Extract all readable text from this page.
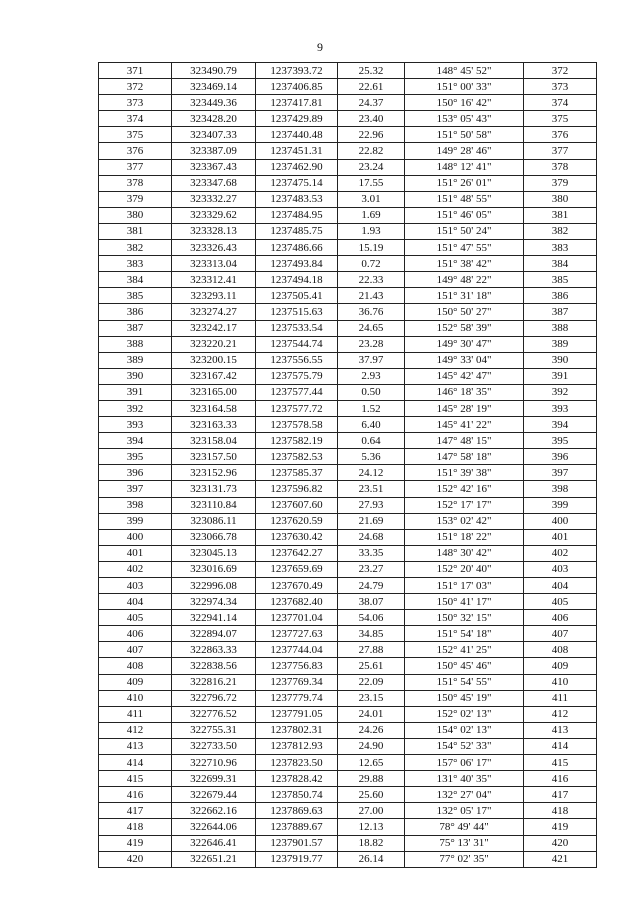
9
371	323490.79	1237393.72	25.32	148° 45' 52"	372
372	323469.14	1237406.85	22.61	151° 00' 33"	373
373	323449.36	1237417.81	24.37	150° 16' 42"	374
374	323428.20	1237429.89	23.40	153° 05' 43"	375
375	323407.33	1237440.48	22.96	151° 50' 58"	376
376	323387.09	1237451.31	22.82	149° 28' 46"	377
377	323367.43	1237462.90	23.24	148° 12' 41"	378
378	323347.68	1237475.14	17.55	151° 26' 01"	379
379	323332.27	1237483.53	3.01	151° 48' 55"	380
380	323329.62	1237484.95	1.69	151° 46' 05"	381
381	323328.13	1237485.75	1.93	151° 50' 24"	382
382	323326.43	1237486.66	15.19	151° 47' 55"	383
383	323313.04	1237493.84	0.72	151° 38' 42"	384
384	323312.41	1237494.18	22.33	149° 48' 22"	385
385	323293.11	1237505.41	21.43	151° 31' 18"	386
386	323274.27	1237515.63	36.76	150° 50' 27"	387
387	323242.17	1237533.54	24.65	152° 58' 39"	388
388	323220.21	1237544.74	23.28	149° 30' 47"	389
389	323200.15	1237556.55	37.97	149° 33' 04"	390
390	323167.42	1237575.79	2.93	145° 42' 47"	391
391	323165.00	1237577.44	0.50	146° 18' 35"	392
392	323164.58	1237577.72	1.52	145° 28' 19"	393
393	323163.33	1237578.58	6.40	145° 41' 22"	394
394	323158.04	1237582.19	0.64	147° 48' 15"	395
395	323157.50	1237582.53	5.36	147° 58' 18"	396
396	323152.96	1237585.37	24.12	151° 39' 38"	397
397	323131.73	1237596.82	23.51	152° 42' 16"	398
398	323110.84	1237607.60	27.93	152° 17' 17"	399
399	323086.11	1237620.59	21.69	153° 02' 42"	400
400	323066.78	1237630.42	24.68	151° 18' 22"	401
401	323045.13	1237642.27	33.35	148° 30' 42"	402
402	323016.69	1237659.69	23.27	152° 20' 40"	403
403	322996.08	1237670.49	24.79	151° 17' 03"	404
404	322974.34	1237682.40	38.07	150° 41' 17"	405
405	322941.14	1237701.04	54.06	150° 32' 15"	406
406	322894.07	1237727.63	34.85	151° 54' 18"	407
407	322863.33	1237744.04	27.88	152° 41' 25"	408
408	322838.56	1237756.83	25.61	150° 45' 46"	409
409	322816.21	1237769.34	22.09	151° 54' 55"	410
410	322796.72	1237779.74	23.15	150° 45' 19"	411
411	322776.52	1237791.05	24.01	152° 02' 13"	412
412	322755.31	1237802.31	24.26	154° 02' 13"	413
413	322733.50	1237812.93	24.90	154° 52' 33"	414
414	322710.96	1237823.50	12.65	157° 06' 17"	415
415	322699.31	1237828.42	29.88	131° 40' 35"	416
416	322679.44	1237850.74	25.60	132° 27' 04"	417
417	322662.16	1237869.63	27.00	132° 05' 17"	418
418	322644.06	1237889.67	12.13	78° 49' 44"	419
419	322646.41	1237901.57	18.82	75° 13' 31"	420
420	322651.21	1237919.77	26.14	77° 02' 35"	421
